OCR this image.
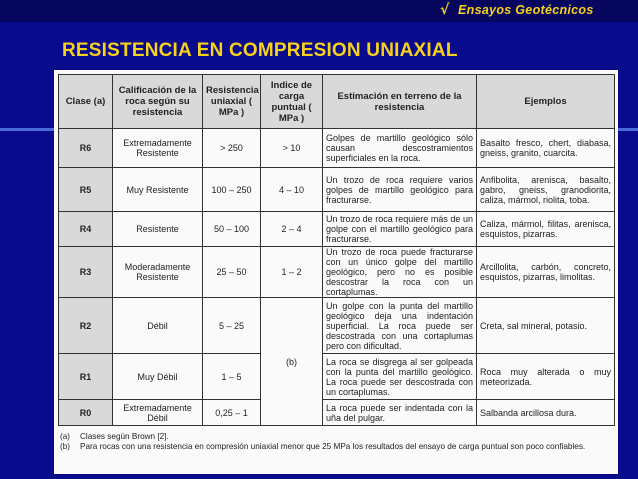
√ Ensayos Geotécnicos
RESISTENCIA EN COMPRESION UNIAXIAL
Clase (a)	Calificación de la roca según su resistencia	Resistencia uniaxial ( MPa )	Indice de carga puntual ( MPa )	Estimación en terreno de la resistencia	Ejemplos
R6	Extremadamente Resistente	> 250	> 10	Golpes de martillo geológico sólo causan descostramientos superficiales en la roca.	Basalto fresco, chert, diabasa, gneiss, granito, cuarcita.
R5	Muy Resistente	100 – 250	4 – 10	Un trozo de roca requiere varios golpes de martillo geológico para fracturarse.	Anfibolita, arenisca, basalto, gabro, gneiss, granodiorita, caliza, mármol, riolita, toba.
R4	Resistente	50 – 100	2 – 4	Un trozo de roca requiere más de un golpe con el martillo geológico para fracturarse.	Caliza, mármol, filitas, arenisca, esquistos, pizarras.
R3	Moderadamente Resistente	25 – 50	1 – 2	Un trozo de roca puede fracturarse con un único golpe del martillo geológico, pero no es posible descostrar la roca con un cortaplumas.	Arcillolita, carbón, concreto, esquistos, pizarras, limolitas.
R2	Débil	5 – 25	(b)	Un golpe con la punta del martillo geológico deja una indentación superficial. La roca puede ser descostrada con una cortaplumas pero con dificultad.	Creta, sal mineral, potasio.
R1	Muy Débil	1 – 5		La roca se disgrega al ser golpeada con la punta del martillo geológico. La roca puede ser descostrada con un cortaplumas.	Roca muy alterada o muy meteorizada.
R0	Extremadamente Débil	0,25 – 1		La roca puede ser indentada con la uña del pulgar.	Salbanda arcillosa dura.
(a)	Clases según Brown [2].
(b)	Para rocas con una resistencia en compresión uniaxial menor que 25 MPa los resultados del ensayo de carga puntual son poco confiables.
